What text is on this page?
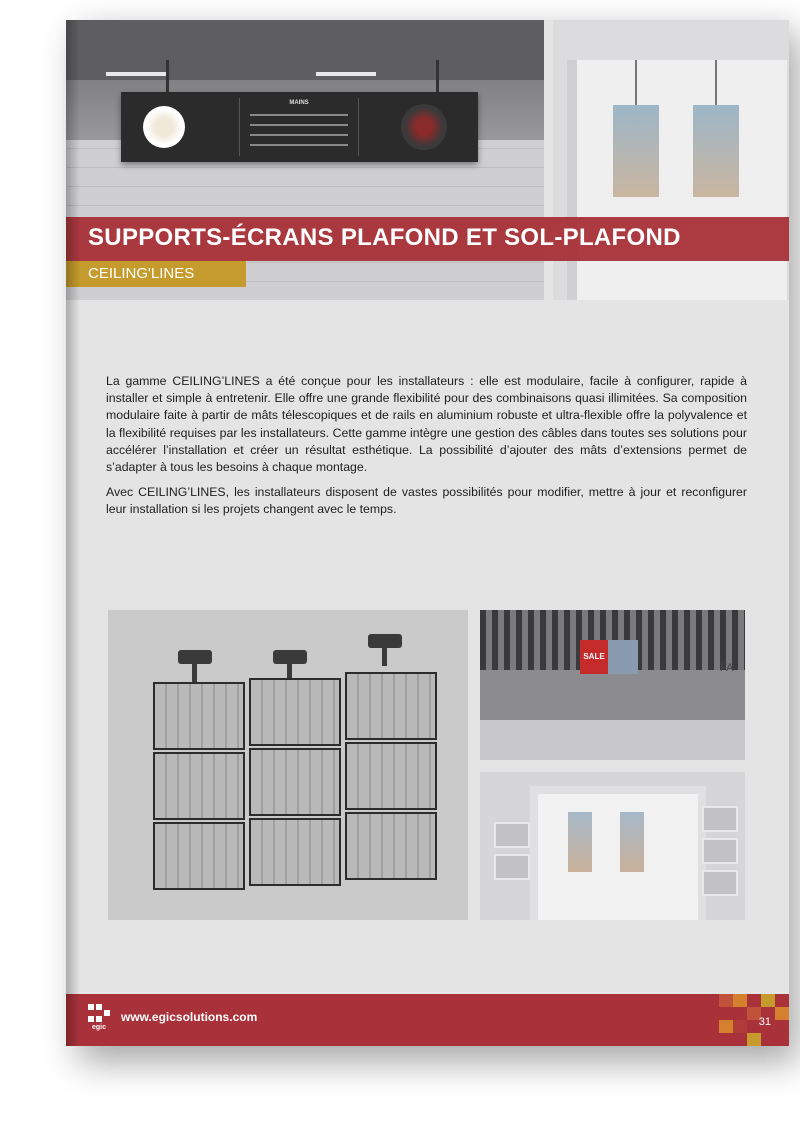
MAINS
SUPPORTS-ÉCRANS PLAFOND ET SOL-PLAFOND
CEILING'LINES

La gamme CEILING’LINES a été conçue pour les installateurs : elle est modulaire, facile à configurer, rapide à installer et simple à entretenir. Elle offre une grande flexibilité pour des combinaisons quasi illimitées. Sa composition modulaire faite à partir de mâts télescopiques et de rails en aluminium robuste et ultra-flexible offre la polyvalence et la flexibilité requises par les installateurs. Cette gamme intègre une gestion des câbles dans toutes ses solutions pour accélérer l’installation et créer un résultat esthétique. La possibilité d’ajouter des mâts d’extensions permet de s’adapter à tous les besoins à chaque montage.

Avec CEILING’LINES, les installateurs disposent de vastes possibilités pour modifier, mettre à jour et reconfigurer leur installation si les projets changent avec le temps.

SALE
FA
egic
www.egicsolutions.com	31
